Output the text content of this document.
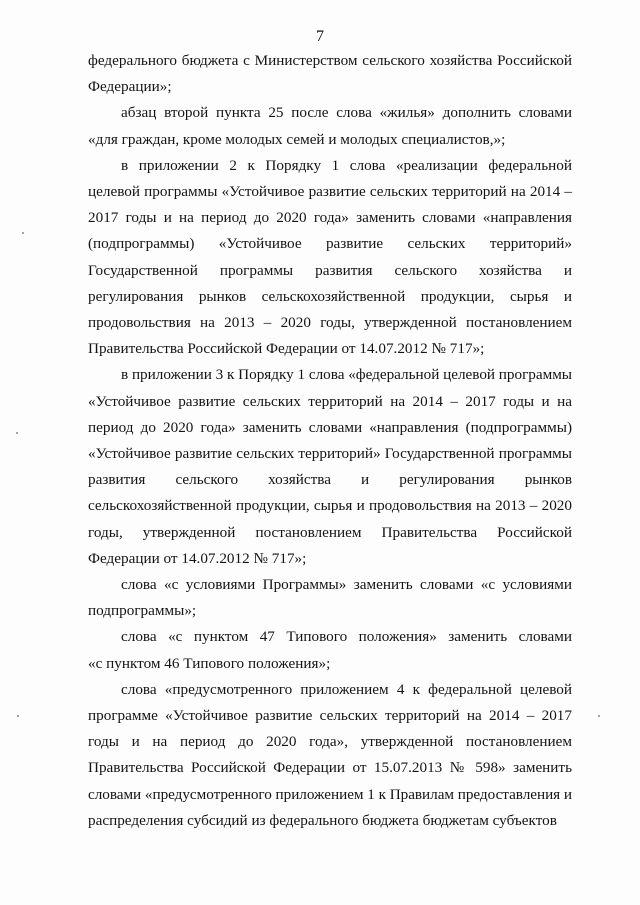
7
федерального бюджета с Министерством сельского хозяйства Российской
Федерации»;
абзац второй пункта 25 после слова «жилья» дополнить словами
«для граждан, кроме молодых семей и молодых специалистов,»;
в приложении 2 к Порядку 1 слова «реализации федеральной
целевой программы «Устойчивое развитие сельских территорий на 2014 –
2017 годы и на период до 2020 года» заменить словами «направления
(подпрограммы) «Устойчивое развитие сельских территорий»
Государственной программы развития сельского хозяйства и
регулирования рынков сельскохозяйственной продукции, сырья и
продовольствия на 2013 – 2020 годы, утвержденной постановлением
Правительства Российской Федерации от 14.07.2012 № 717»;
в приложении 3 к Порядку 1 слова «федеральной целевой программы
«Устойчивое развитие сельских территорий на 2014 – 2017 годы и на
период до 2020 года» заменить словами «направления (подпрограммы)
«Устойчивое развитие сельских территорий» Государственной программы
развития сельского хозяйства и регулирования рынков
сельскохозяйственной продукции, сырья и продовольствия на 2013 – 2020
годы, утвержденной постановлением Правительства Российской
Федерации от 14.07.2012 № 717»;
слова «с условиями Программы» заменить словами «с условиями
подпрограммы»;
слова «с пунктом 47 Типового положения» заменить словами
«с пунктом 46 Типового положения»;
слова «предусмотренного приложением 4 к федеральной целевой
программе «Устойчивое развитие сельских территорий на 2014 – 2017
годы и на период до 2020 года», утвержденной постановлением
Правительства Российской Федерации от 15.07.2013 № 598» заменить
словами «предусмотренного приложением 1 к Правилам предоставления и
распределения субсидий из федерального бюджета бюджетам субъектов
